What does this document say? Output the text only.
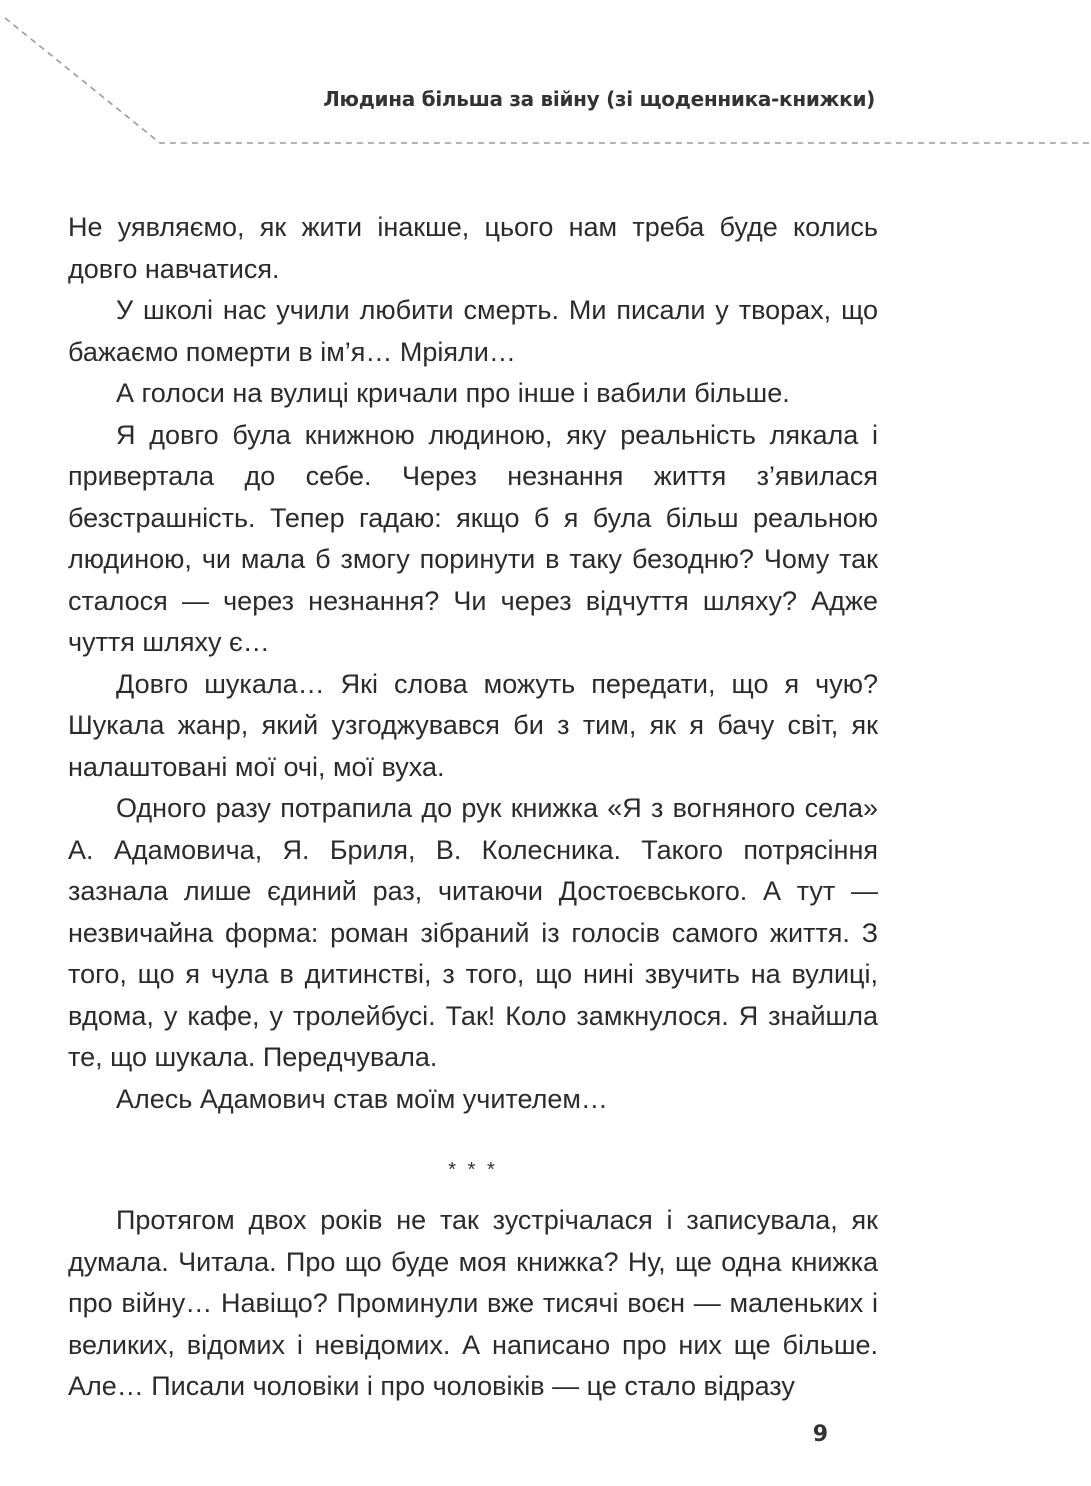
Людина більша за війну (зі щоденника-книжки)

Не уявляємо, як жити інакше, цього нам треба буде колись довго навчатися.

У школі нас учили любити смерть. Ми писали у творах, що бажаємо померти в ім’я… Мріяли…

А голоси на вулиці кричали про інше і вабили більше.

Я довго була книжною людиною, яку реальність лякала і привертала до себе. Через незнання життя з’явилася безстрашність. Тепер гадаю: якщо б я була більш реальною людиною, чи мала б змогу поринути в таку безодню? Чому так сталося — через незнання? Чи через відчуття шляху? Адже чуття шляху є…

Довго шукала… Які слова можуть передати, що я чую? Шукала жанр, який узгоджувався би з тим, як я бачу світ, як налаштовані мої очі, мої вуха.

Одного разу потрапила до рук книжка «Я з вогняного села» А. Адамовича, Я. Бриля, В. Колесника. Такого потрясіння зазнала лише єдиний раз, читаючи Достоєвського. А тут — незвичайна форма: роман зібраний із голосів самого життя. З того, що я чула в дитинстві, з того, що нині звучить на вулиці, вдома, у кафе, у тролейбусі. Так! Коло замкнулося. Я знайшла те, що шукала. Передчувала.

Алесь Адамович став моїм учителем…

* * *

Протягом двох років не так зустрічалася і записувала, як думала. Читала. Про що буде моя книжка? Ну, ще одна книжка про війну… Навіщо? Проминули вже тисячі воєн — маленьких і великих, відомих і невідомих. А написано про них ще більше. Але… Писали чоловіки і про чоловіків — це стало відразу

9
